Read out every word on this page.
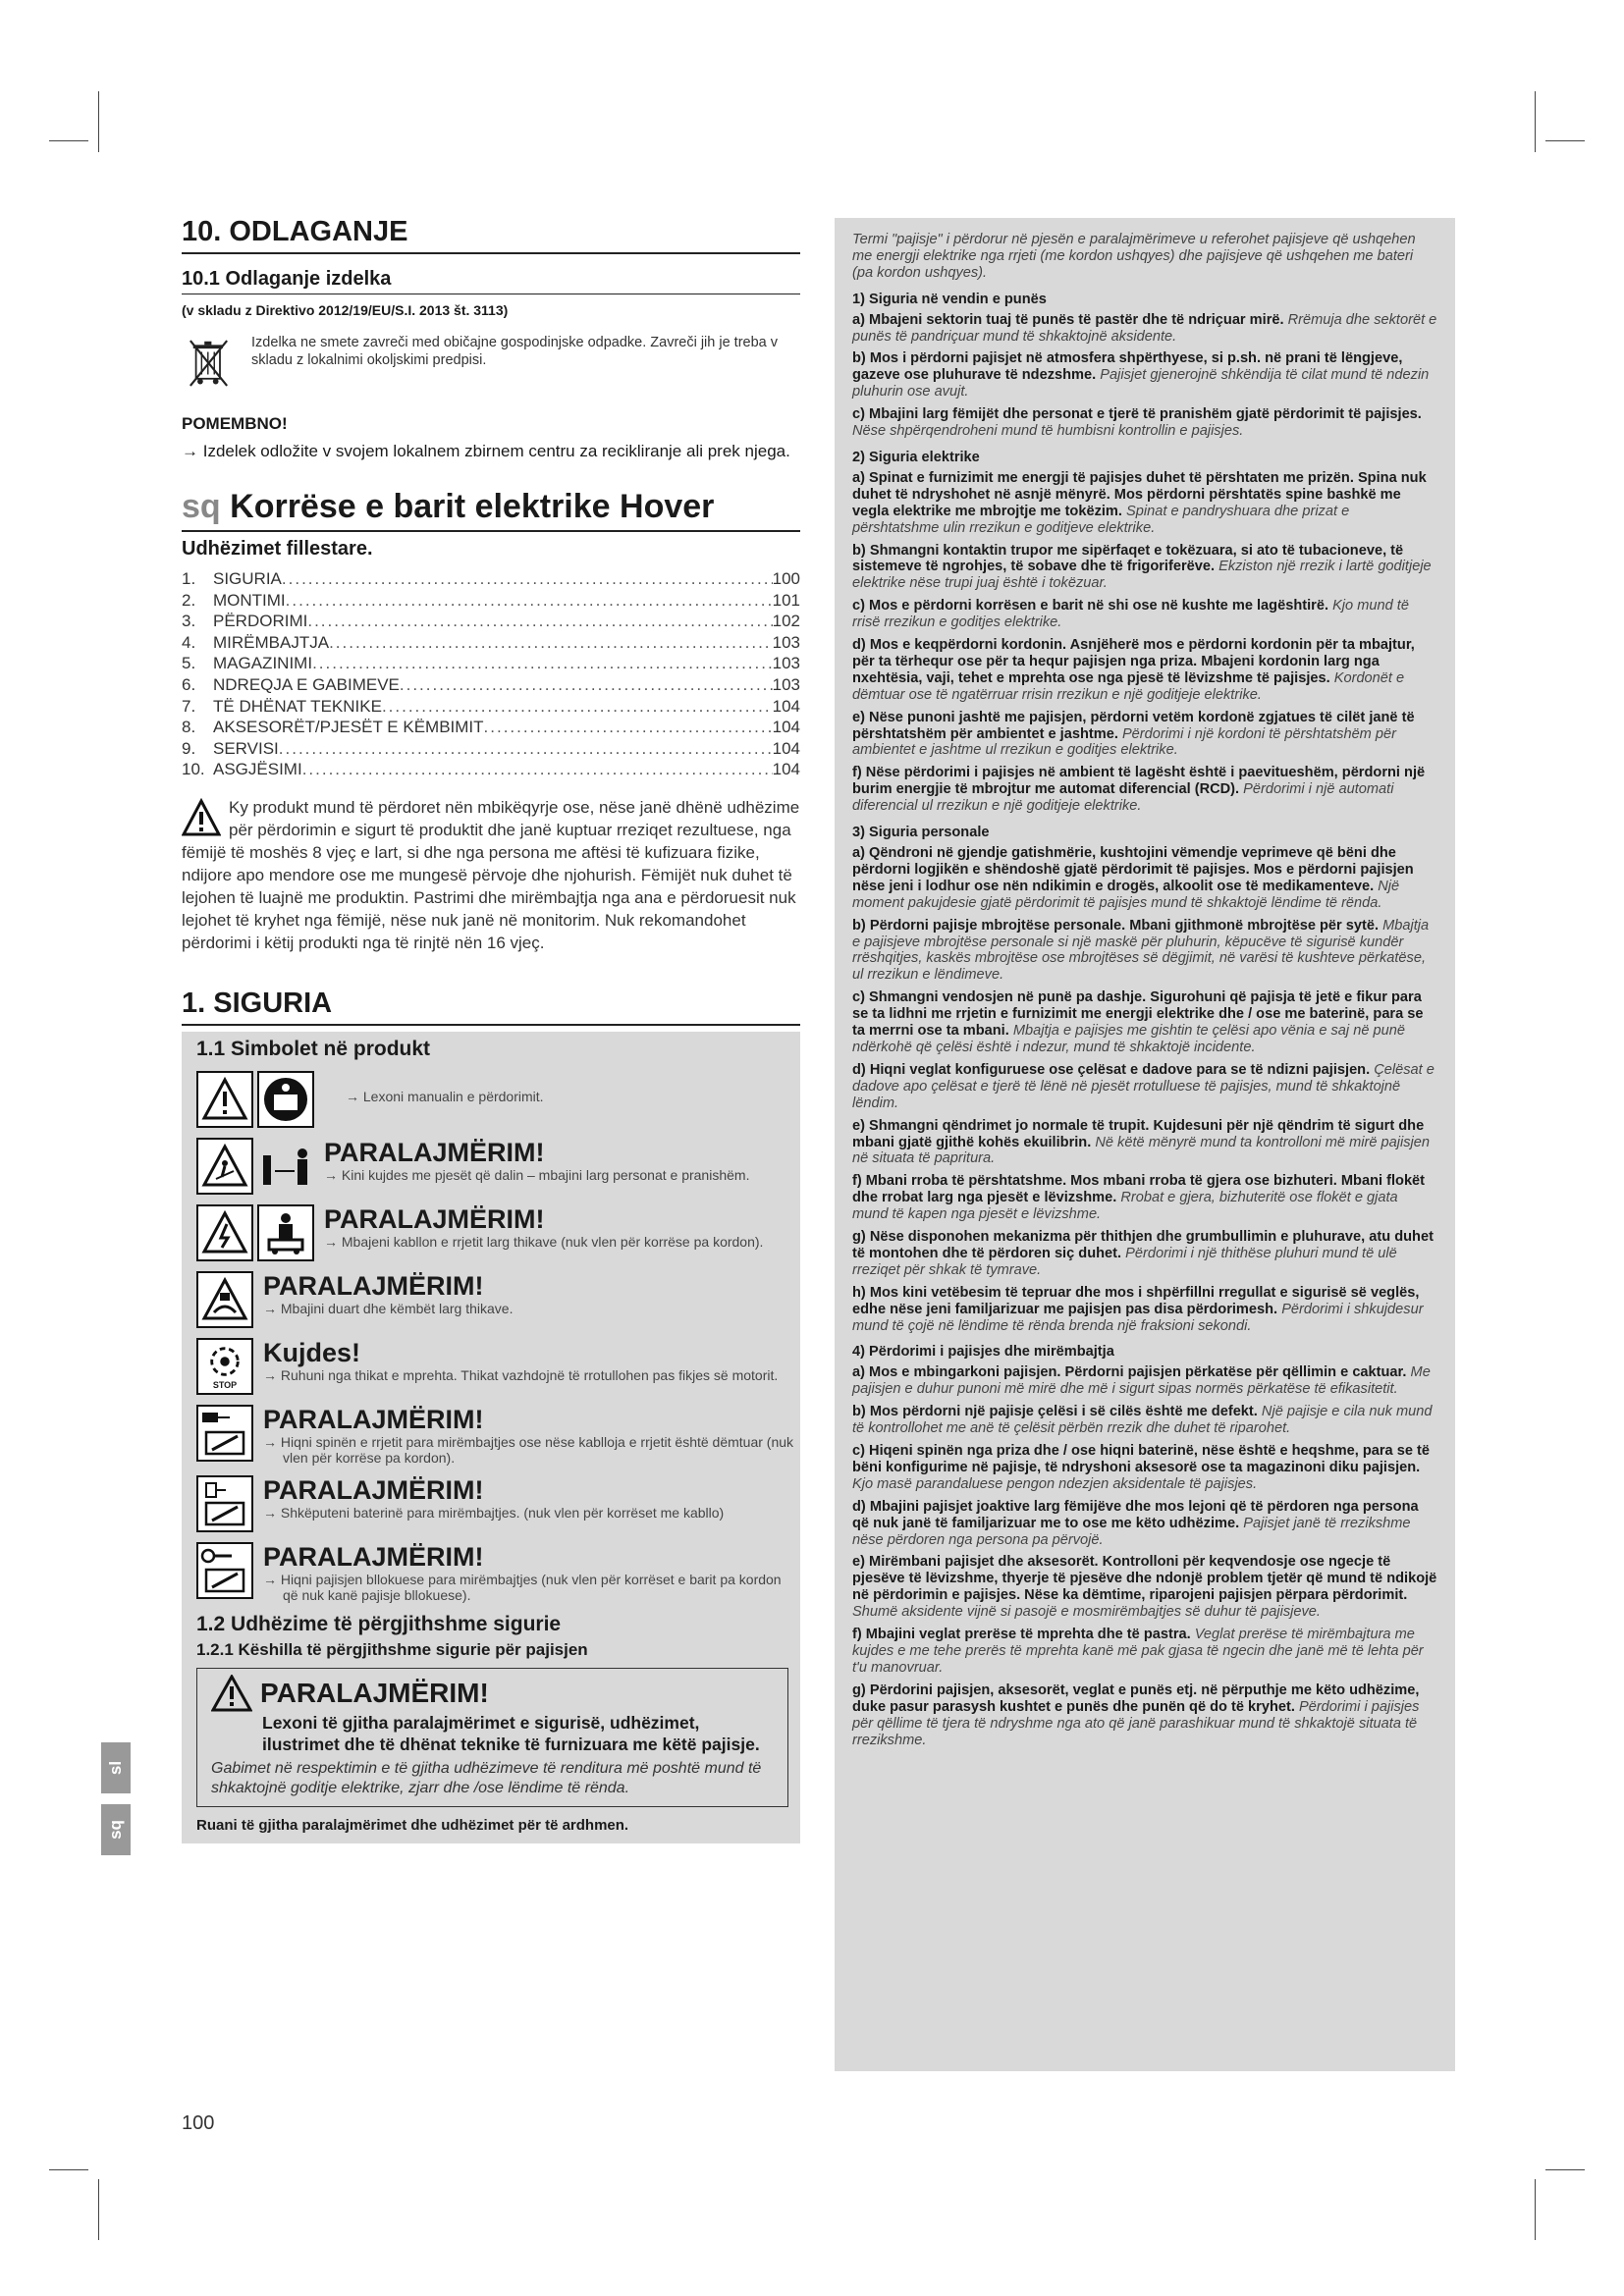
10. ODLAGANJE
10.1 Odlaganje izdelka
(v skladu z Direktivo 2012/19/EU/S.I. 2013 št. 3113)

Izdelka ne smete zavreči med običajne gospodinjske odpadke. Zavreči jih je treba v skladu z lokalnimi okoljskimi predpisi.

POMEMBNO!

→ Izdelek odložite v svojem lokalnem zbirnem centru za recikliranje ali prek njega.

sq Korrëse e barit elektrike Hover
Udhëzimet fillestare.
1.	SIGURIA .....	100
2.	MONTIMI .....	101
3.	PËRDORIMI .....	102
4.	MIRËMBAJTJA .....	103
5.	MAGAZINIMI .....	103
6.	NDREQJA E GABIMEVE .....	103
7.	TË DHËNAT TEKNIKE .....	104
8.	AKSESORËT/PJESËT E KËMBIMIT .....	104
9.	SERVISI .....	104
10. ASGJËSIMI .....	104
Ky produkt mund të përdoret nën mbikëqyrje ose, nëse janë dhënë udhëzime për përdorimin e sigurt të produktit dhe janë kuptuar rreziqet rezultuese, nga fëmijë të moshës 8 vjeç e lart, si dhe nga persona me aftësi të kufizuara fizike, ndijore apo mendore ose me mungesë përvoje dhe njohurish. Fëmijët nuk duhet të lejohen të luajnë me produktin. Pastrimi dhe mirëmbajtja nga ana e përdoruesit nuk lejohet të kryhet nga fëmijë, nëse nuk janë në monitorim. Nuk rekomandohet përdorimi i këtij produkti nga të rinjtë nën 16 vjeç.
1. SIGURIA
1.1 Simbolet në produkt
→ Lexoni manualin e përdorimit.
PARALAJMËRIM!
→ Kini kujdes me pjesët që dalin – mbajini larg personat e pranishëm.
PARALAJMËRIM!
→ Mbajeni kabllon e rrjetit larg thikave (nuk vlen për korrëse pa kordon).
PARALAJMËRIM!
→ Mbajini duart dhe këmbët larg thikave.
STOP
Kujdes!
→ Ruhuni nga thikat e mprehta. Thikat vazhdojnë të rrotullohen pas fikjes së motorit.
PARALAJMËRIM!
→ Hiqni spinën e rrjetit para mirëmbajtjes ose nëse kablloja e rrjetit është dëmtuar (nuk vlen për korrëse pa kordon).
PARALAJMËRIM!
→ Shkëputeni baterinë para mirëmbajtjes. (nuk vlen për korrëset me kabllo)
PARALAJMËRIM!
→ Hiqni pajisjen bllokuese para mirëmbajtjes (nuk vlen për korrëset e barit pa kordon që nuk kanë pajisje bllokuese).
1.2 Udhëzime të përgjithshme sigurie
1.2.1 Këshilla të përgjithshme sigurie për pajisjen
PARALAJMËRIM!
Lexoni të gjitha paralajmërimet e sigurisë, udhëzimet, ilustrimet dhe të dhënat teknike të furnizuara me këtë pajisje.
Gabimet në respektimin e të gjitha udhëzimeve të renditura më poshtë mund të shkaktojnë goditje elektrike, zjarr dhe /ose lëndime të rënda.
Ruani të gjitha paralajmërimet dhe udhëzimet për të ardhmen.

Termi "pajisje" i përdorur në pjesën e paralajmërimeve u referohet pajisjeve që ushqehen me energji elektrike nga rrjeti (me kordon ushqyes) dhe pajisjeve që ushqehen me bateri (pa kordon ushqyes).

1) Siguria në vendin e punës

a) Mbajeni sektorin tuaj të punës të pastër dhe të ndriçuar mirë. Rrëmuja dhe sektorët e punës të pandriçuar mund të shkaktojnë aksidente.

b) Mos i përdorni pajisjet në atmosfera shpërthyese, si p.sh. në prani të lëngjeve, gazeve ose pluhurave të ndezshme. Pajisjet gjenerojnë shkëndija të cilat mund të ndezin pluhurin ose avujt.

c) Mbajini larg fëmijët dhe personat e tjerë të pranishëm gjatë përdorimit të pajisjes. Nëse shpërqendroheni mund të humbisni kontrollin e pajisjes.

2) Siguria elektrike

a) Spinat e furnizimit me energji të pajisjes duhet të përshtaten me prizën. Spina nuk duhet të ndryshohet në asnjë mënyrë. Mos përdorni përshtatës spine bashkë me vegla elektrike me mbrojtje me tokëzim. Spinat e pandryshuara dhe prizat e përshtatshme ulin rrezikun e goditjeve elektrike.

b) Shmangni kontaktin trupor me sipërfaqet e tokëzuara, si ato të tubacioneve, të sistemeve të ngrohjes, të sobave dhe të frigoriferëve. Ekziston një rrezik i lartë goditjeje elektrike nëse trupi juaj është i tokëzuar.

c) Mos e përdorni korrësen e barit në shi ose në kushte me lagështirë. Kjo mund të rrisë rrezikun e goditjes elektrike.

d) Mos e keqpërdorni kordonin. Asnjëherë mos e përdorni kordonin për ta mbajtur, për ta tërhequr ose për ta hequr pajisjen nga priza. Mbajeni kordonin larg nga nxehtësia, vaji, tehet e mprehta ose nga pjesë të lëvizshme të pajisjes. Kordonët e dëmtuar ose të ngatërruar rrisin rrezikun e një goditjeje elektrike.

e) Nëse punoni jashtë me pajisjen, përdorni vetëm kordonë zgjatues të cilët janë të përshtatshëm për ambientet e jashtme. Përdorimi i një kordoni të përshtatshëm për ambientet e jashtme ul rrezikun e goditjes elektrike.

f) Nëse përdorimi i pajisjes në ambient të lagësht është i paevitueshëm, përdorni një burim energjie të mbrojtur me automat diferencial (RCD). Përdorimi i një automati diferencial ul rrezikun e një goditjeje elektrike.

3) Siguria personale

a) Qëndroni në gjendje gatishmërie, kushtojini vëmendje veprimeve që bëni dhe përdorni logjikën e shëndoshë gjatë përdorimit të pajisjes. Mos e përdorni pajisjen nëse jeni i lodhur ose nën ndikimin e drogës, alkoolit ose të medikamenteve. Një moment pakujdesie gjatë përdorimit të pajisjes mund të shkaktojë lëndime të rënda.

b) Përdorni pajisje mbrojtëse personale. Mbani gjithmonë mbrojtëse për sytë. Mbajtja e pajisjeve mbrojtëse personale si një maskë për pluhurin, këpucëve të sigurisë kundër rrëshqitjes, kaskës mbrojtëse ose mbrojtëses së dëgjimit, në varësi të kushteve përkatëse, ul rrezikun e lëndimeve.

c) Shmangni vendosjen në punë pa dashje. Sigurohuni që pajisja të jetë e fikur para se ta lidhni me rrjetin e furnizimit me energji elektrike dhe / ose me baterinë, para se ta merrni ose ta mbani. Mbajtja e pajisjes me gishtin te çelësi apo vënia e saj në punë ndërkohë që çelësi është i ndezur, mund të shkaktojë incidente.

d) Hiqni veglat konfiguruese ose çelësat e dadove para se të ndizni pajisjen. Çelësat e dadove apo çelësat e tjerë të lënë në pjesët rrotulluese të pajisjes, mund të shkaktojnë lëndim.

e) Shmangni qëndrimet jo normale të trupit. Kujdesuni për një qëndrim të sigurt dhe mbani gjatë gjithë kohës ekuilibrin. Në këtë mënyrë mund ta kontrolloni më mirë pajisjen në situata të papritura.

f) Mbani rroba të përshtatshme. Mos mbani rroba të gjera ose bizhuteri. Mbani flokët dhe rrobat larg nga pjesët e lëvizshme. Rrobat e gjera, bizhuteritë ose flokët e gjata mund të kapen nga pjesët e lëvizshme.

g) Nëse disponohen mekanizma për thithjen dhe grumbullimin e pluhurave, atu duhet të montohen dhe të përdoren siç duhet. Përdorimi i një thithëse pluhuri mund të ulë rreziqet për shkak të tymrave.

h) Mos kini vetëbesim të tepruar dhe mos i shpërfillni rregullat e sigurisë së veglës, edhe nëse jeni familjarizuar me pajisjen pas disa përdorimesh. Përdorimi i shkujdesur mund të çojë në lëndime të rënda brenda një fraksioni sekondi.

4) Përdorimi i pajisjes dhe mirëmbajtja

a) Mos e mbingarkoni pajisjen. Përdorni pajisjen përkatëse për qëllimin e caktuar. Me pajisjen e duhur punoni më mirë dhe më i sigurt sipas normës përkatëse të efikasitetit.

b) Mos përdorni një pajisje çelësi i së cilës është me defekt. Një pajisje e cila nuk mund të kontrollohet me anë të çelësit përbën rrezik dhe duhet të riparohet.

c) Hiqeni spinën nga priza dhe / ose hiqni baterinë, nëse është e heqshme, para se të bëni konfigurime në pajisje, të ndryshoni aksesorë ose ta magazinoni diku pajisjen. Kjo masë parandaluese pengon ndezjen aksidentale të pajisjes.

d) Mbajini pajisjet joaktive larg fëmijëve dhe mos lejoni që të përdoren nga persona që nuk janë të familjarizuar me to ose me këto udhëzime. Pajisjet janë të rrezikshme nëse përdoren nga persona pa përvojë.

e) Mirëmbani pajisjet dhe aksesorët. Kontrolloni për keqvendosje ose ngecje të pjesëve të lëvizshme, thyerje të pjesëve dhe ndonjë problem tjetër që mund të ndikojë në përdorimin e pajisjes. Nëse ka dëmtime, riparojeni pajisjen përpara përdorimit. Shumë aksidente vijnë si pasojë e mosmirëmbajtjes së duhur të pajisjeve.

f) Mbajini veglat prerëse të mprehta dhe të pastra. Veglat prerëse të mirëmbajtura me kujdes e me tehe prerës të mprehta kanë më pak gjasa të ngecin dhe janë më të lehta për t'u manovruar.

g) Përdorini pajisjen, aksesorët, veglat e punës etj. në përputhje me këto udhëzime, duke pasur parasysh kushtet e punës dhe punën që do të kryhet. Përdorimi i pajisjes për qëllime të tjera të ndryshme nga ato që janë parashikuar mund të shkaktojë situata të rrezikshme.

sl
sq
100
